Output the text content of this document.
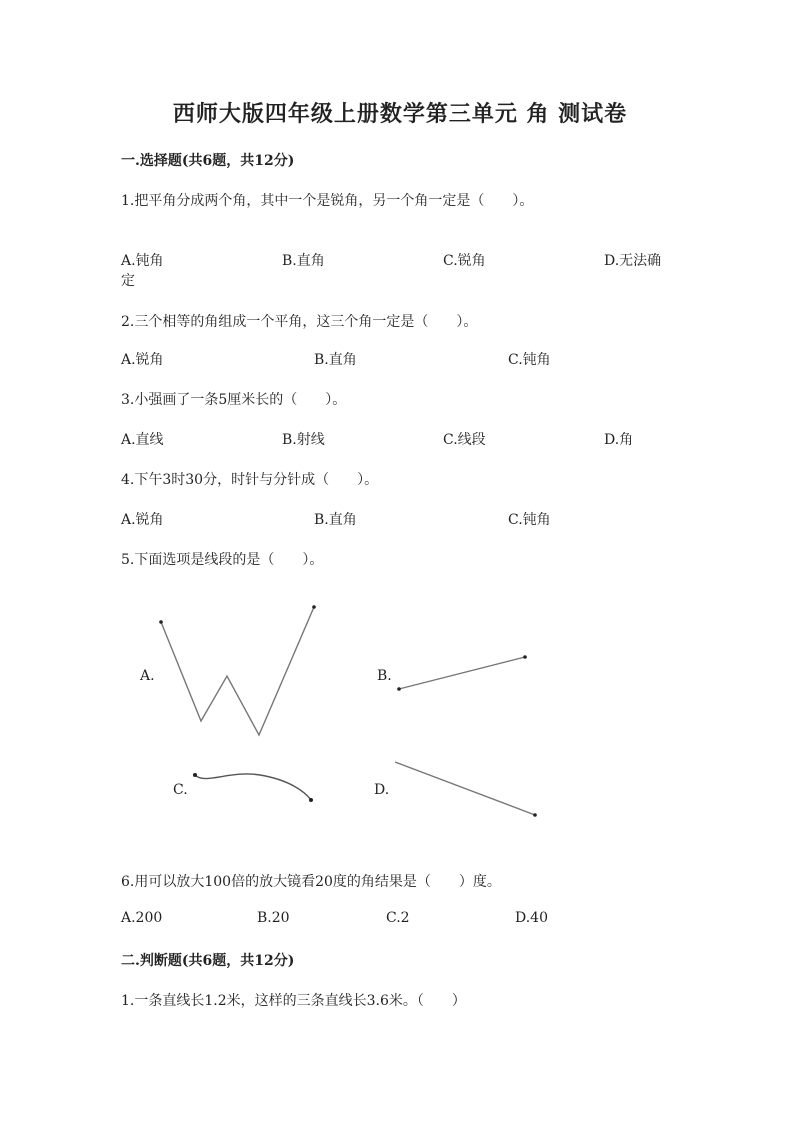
西师大版四年级上册数学第三单元 角 测试卷
一.选择题(共6题，共12分)
1.把平角分成两个角，其中一个是锐角，另一个角一定是（　　）。
A.钝角	B.直角	C.锐角	D.无法确
定
2.三个相等的角组成一个平角，这三个角一定是（　　）。
A.锐角	B.直角	C.钝角
3.小强画了一条5厘米长的（　　）。
A.直线	B.射线	C.线段	D.角
4.下午3时30分，时针与分针成（　　）。
A.锐角	B.直角	C.钝角
5.下面选项是线段的是（　　）。
A.	B.
C.	D.
6.用可以放大100倍的放大镜看20度的角结果是（　　）度。
A.200	B.20	C.2	D.40
二.判断题(共6题，共12分)
1.一条直线长1.2米，这样的三条直线长3.6米。（　　）
